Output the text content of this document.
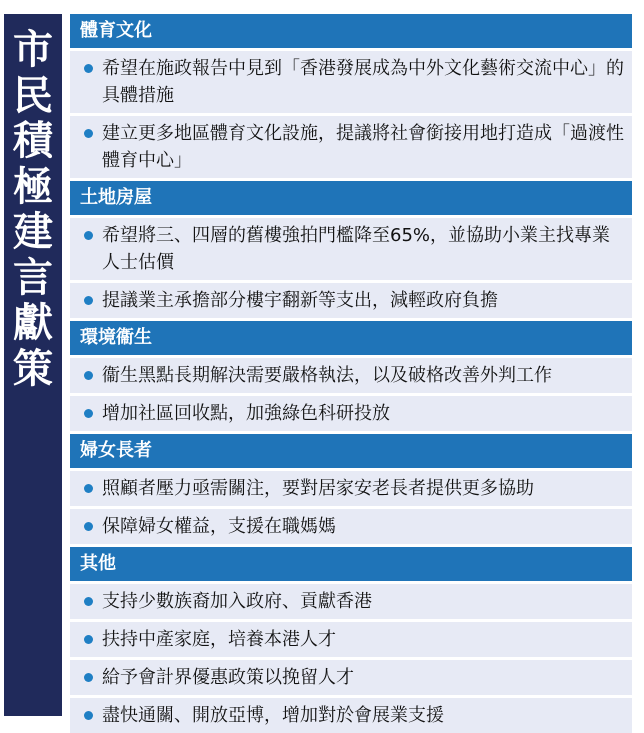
市民積極建言獻策
體育文化
希望在施政報告中見到「香港發展成為中外文化藝術交流中心」的具體措施
建立更多地區體育文化設施，提議將社會銜接用地打造成「過渡性體育中心」
土地房屋
希望將三、四層的舊樓強拍門檻降至65%，並協助小業主找專業人士估價
提議業主承擔部分樓宇翻新等支出，減輕政府負擔
環境衞生
衞生黑點長期解決需要嚴格執法，以及破格改善外判工作
增加社區回收點，加強綠色科研投放
婦女長者
照顧者壓力亟需關注，要對居家安老長者提供更多協助
保障婦女權益，支援在職媽媽
其他
支持少數族裔加入政府、貢獻香港
扶持中產家庭，培養本港人才
給予會計界優惠政策以挽留人才
盡快通關、開放亞博，增加對於會展業支援
